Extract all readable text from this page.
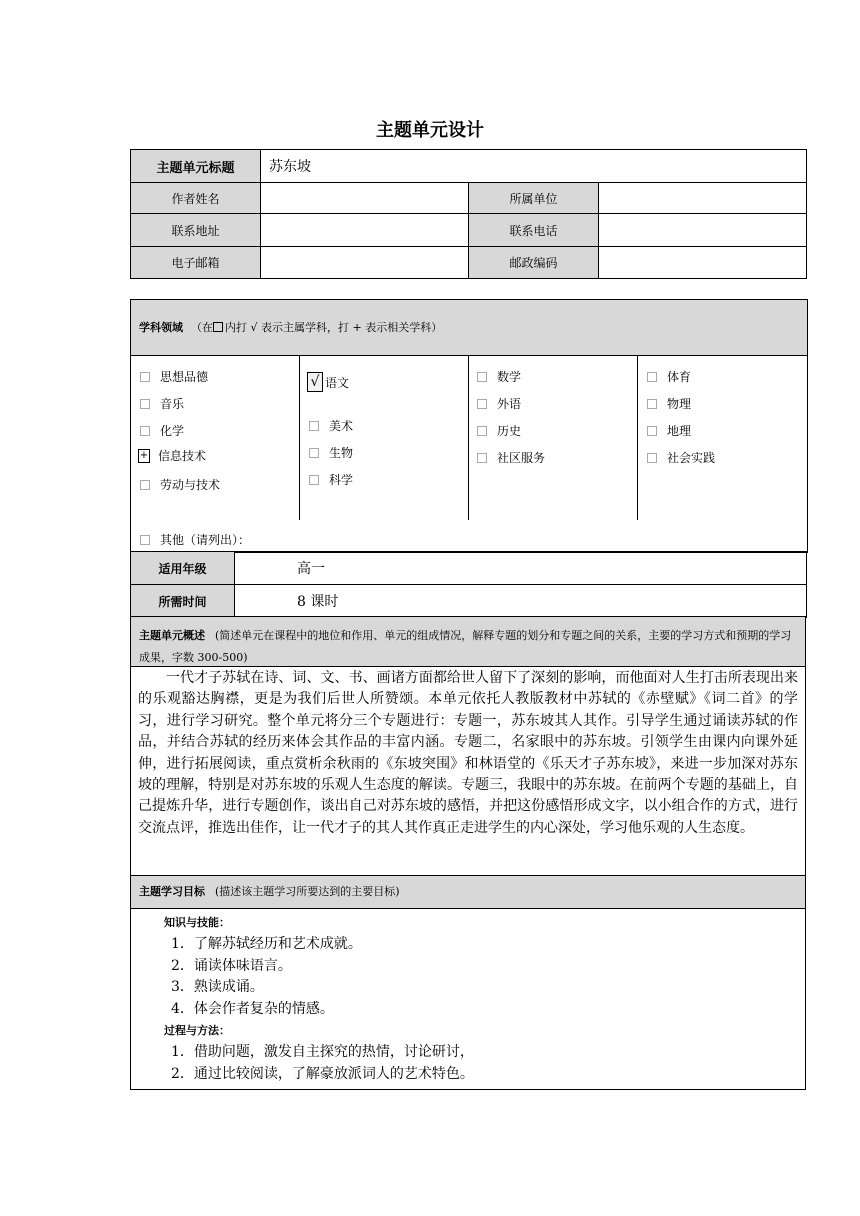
主题单元设计
主题单元标题	苏东坡		
作者姓名		所属单位	
联系地址		联系电话	
电子邮箱		邮政编码	
学科领域 （在 内打 √ 表示主属学科，打 + 表示相关学科）
思想品德
音乐
化学
+ 信息技术
劳动与技术
√ 语文
美术
生物
科学
数学
外语
历史
社区服务
体育
物理
地理
社会实践
其他（请列出）：
适用年级	高一
所需时间	8 课时
主题单元概述 (简述单元在课程中的地位和作用、单元的组成情况，解释专题的划分和专题之间的关系，主要的学习方式和预期的学习成果，字数 300-500)
一代才子苏轼在诗、词、文、书、画诸方面都给世人留下了深刻的影响，而他面对人生打击所表现出来的乐观豁达胸襟，更是为我们后世人所赞颂。本单元依托人教版教材中苏轼的《赤壁赋》《词二首》的学习，进行学习研究。整个单元将分三个专题进行：专题一，苏东坡其人其作。引导学生通过诵读苏轼的作品，并结合苏轼的经历来体会其作品的丰富内涵。专题二，名家眼中的苏东坡。引领学生由课内向课外延伸，进行拓展阅读，重点赏析余秋雨的《东坡突围》和林语堂的《乐天才子苏东坡》，来进一步加深对苏东坡的理解，特别是对苏东坡的乐观人生态度的解读。专题三，我眼中的苏东坡。在前两个专题的基础上，自己提炼升华，进行专题创作，谈出自己对苏东坡的感悟，并把这份感悟形成文字，以小组合作的方式，进行交流点评，推选出佳作，让一代才子的其人其作真正走进学生的内心深处，学习他乐观的人生态度。
主题学习目标 (描述该主题学习所要达到的主要目标)
知识与技能：
1．了解苏轼经历和艺术成就。
2．诵读体味语言。
3．熟读成诵。
4．体会作者复杂的情感。
过程与方法：
1．借助问题，激发自主探究的热情，讨论研讨，
2．通过比较阅读，了解豪放派词人的艺术特色。
